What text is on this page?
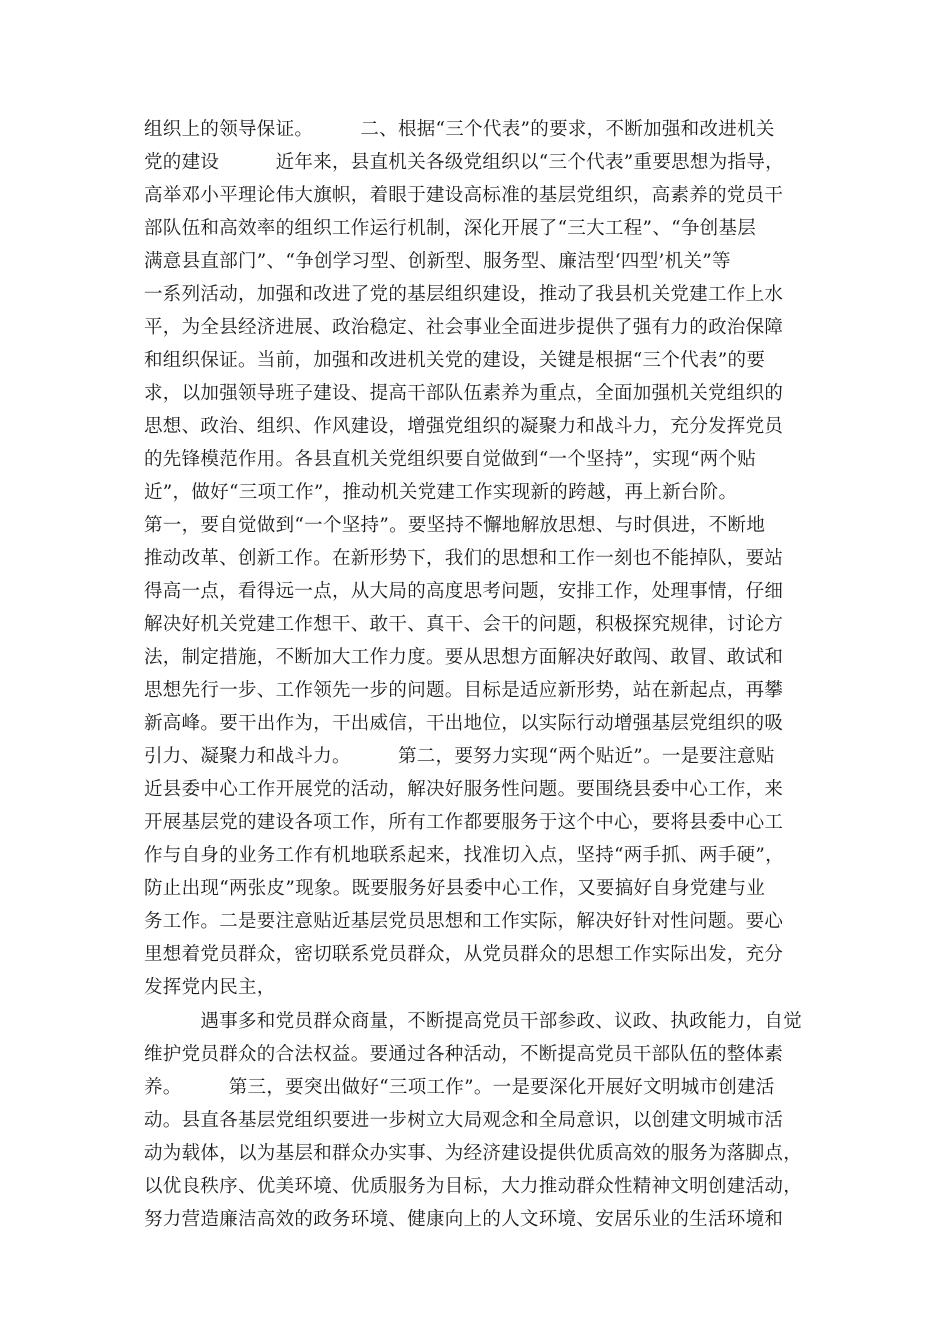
组织上的领导保证。　　　二、根据“三个代表”的要求，不断加强和改进机关
党的建设　　　近年来，县直机关各级党组织以“三个代表”重要思想为指导，
高举邓小平理论伟大旗帜，着眼于建设高标准的基层党组织，高素养的党员干
部队伍和高效率的组织工作运行机制，深化开展了“三大工程”、“争创基层
满意县直部门”、“争创学习型、创新型、服务型、廉洁型‘四型’机关”等
一系列活动，加强和改进了党的基层组织建设，推动了我县机关党建工作上水
平，为全县经济进展、政治稳定、社会事业全面进步提供了强有力的政治保障
和组织保证。当前，加强和改进机关党的建设，关键是根据“三个代表”的要
求，以加强领导班子建设、提高干部队伍素养为重点，全面加强机关党组织的
思想、政治、组织、作风建设，增强党组织的凝聚力和战斗力，充分发挥党员
的先锋模范作用。各县直机关党组织要自觉做到“一个坚持”，实现“两个贴
近”，做好“三项工作”，推动机关党建工作实现新的跨越，再上新台阶。
第一，要自觉做到“一个坚持”。要坚持不懈地解放思想、与时俱进，不断地
推动改革、创新工作。在新形势下，我们的思想和工作一刻也不能掉队，要站
得高一点，看得远一点，从大局的高度思考问题，安排工作，处理事情，仔细
解决好机关党建工作想干、敢干、真干、会干的问题，积极探究规律，讨论方
法，制定措施，不断加大工作力度。要从思想方面解决好敢闯、敢冒、敢试和
思想先行一步、工作领先一步的问题。目标是适应新形势，站在新起点，再攀
新高峰。要干出作为，干出威信，干出地位，以实际行动增强基层党组织的吸
引力、凝聚力和战斗力。　　　第二，要努力实现“两个贴近”。一是要注意贴
近县委中心工作开展党的活动，解决好服务性问题。要围绕县委中心工作，来
开展基层党的建设各项工作，所有工作都要服务于这个中心，要将县委中心工
作与自身的业务工作有机地联系起来，找准切入点，坚持“两手抓、两手硬”，
防止出现“两张皮”现象。既要服务好县委中心工作，又要搞好自身党建与业
务工作。二是要注意贴近基层党员思想和工作实际，解决好针对性问题。要心
里想着党员群众，密切联系党员群众，从党员群众的思想工作实际出发，充分
发挥党内民主，
　　　遇事多和党员群众商量，不断提高党员干部参政、议政、执政能力，自觉
维护党员群众的合法权益。要通过各种活动，不断提高党员干部队伍的整体素
养。　　　第三，要突出做好“三项工作”。一是要深化开展好文明城市创建活
动。县直各基层党组织要进一步树立大局观念和全局意识，以创建文明城市活
动为载体，以为基层和群众办实事、为经济建设提供优质高效的服务为落脚点，
以优良秩序、优美环境、优质服务为目标，大力推动群众性精神文明创建活动，
努力营造廉洁高效的政务环境、健康向上的人文环境、安居乐业的生活环境和
